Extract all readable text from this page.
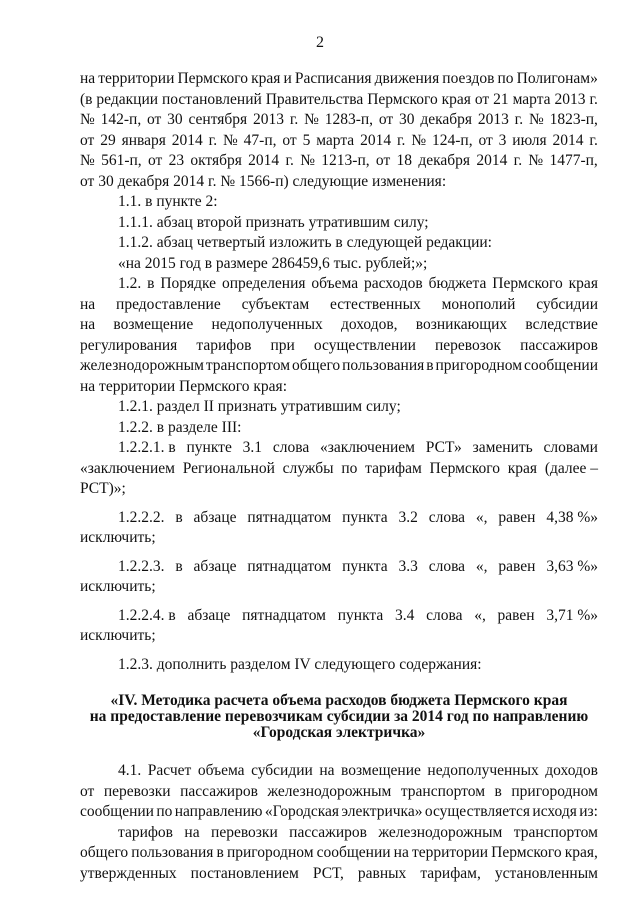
2
на территории Пермского края и Расписания движения поездов по Полигонам»
(в редакции постановлений Правительства Пермского края от 21 марта 2013 г.
№ 142-п, от 30 сентября 2013 г. № 1283-п, от 30 декабря 2013 г. № 1823-п,
от 29 января 2014 г. № 47-п, от 5 марта 2014 г. № 124-п, от 3 июля 2014 г.
№ 561-п, от 23 октября 2014 г. № 1213-п, от 18 декабря 2014 г. № 1477-п,
от 30 декабря 2014 г. № 1566-п) следующие изменения:
1.1. в пункте 2:
1.1.1. абзац второй признать утратившим силу;
1.1.2. абзац четвертый изложить в следующей редакции:
«на 2015 год в размере 286459,6 тыс. рублей;»;
1.2. в Порядке определения объема расходов бюджета Пермского края
на предоставление субъектам естественных монополий субсидии
на возмещение недополученных доходов, возникающих вследствие
регулирования тарифов при осуществлении перевозок пассажиров
железнодорожным транспортом общего пользования в пригородном сообщении
на территории Пермского края:
1.2.1. раздел II признать утратившим силу;
1.2.2. в разделе III:
1.2.2.1. в пункте 3.1 слова «заключением РСТ» заменить словами
«заключением Региональной службы по тарифам Пермского края (далее –
РСТ)»;
1.2.2.2. в абзаце пятнадцатом пункта 3.2 слова «, равен 4,38 %»
исключить;
1.2.2.3. в абзаце пятнадцатом пункта 3.3 слова «, равен 3,63 %»
исключить;
1.2.2.4. в абзаце пятнадцатом пункта 3.4 слова «, равен 3,71 %»
исключить;
1.2.3. дополнить разделом IV следующего содержания:
«IV. Методика расчета объема расходов бюджета Пермского края
на предоставление перевозчикам субсидии за 2014 год по направлению
«Городская электричка»
4.1. Расчет объема субсидии на возмещение недополученных доходов
от перевозки пассажиров железнодорожным транспортом в пригородном
сообщении по направлению «Городская электричка» осуществляется исходя из:
тарифов на перевозки пассажиров железнодорожным транспортом
общего пользования в пригородном сообщении на территории Пермского края,
утвержденных постановлением РСТ, равных тарифам, установленным
